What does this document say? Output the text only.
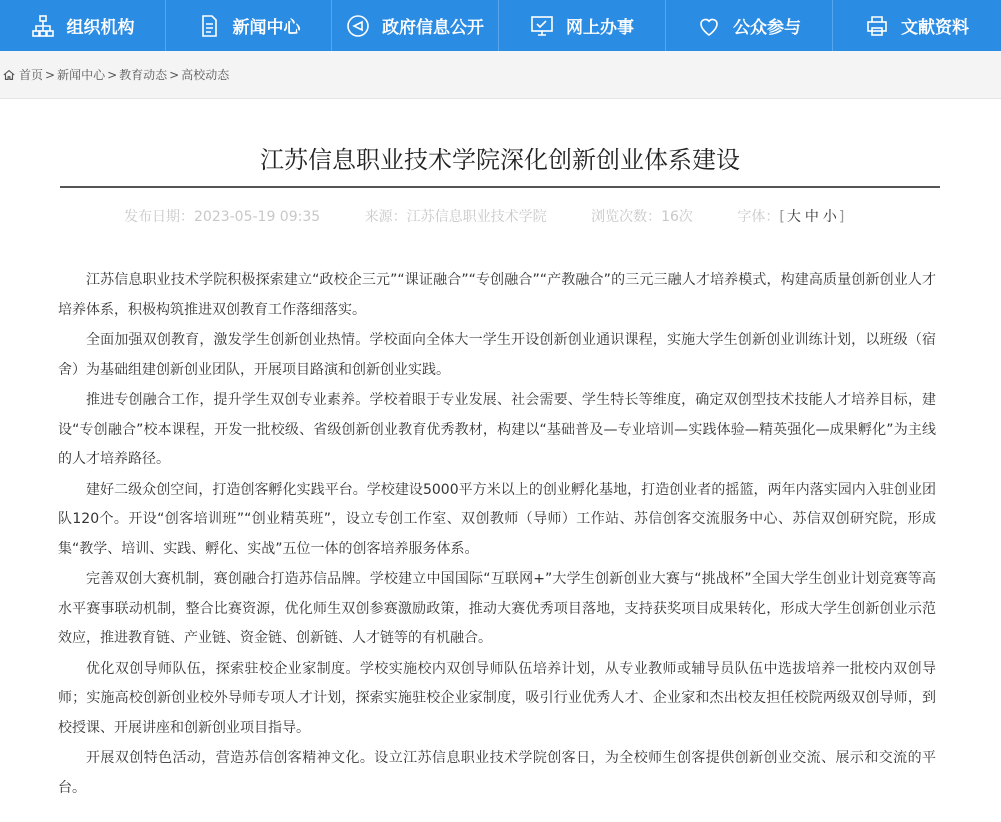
组织机构	新闻中心	政府信息公开	网上办事	公众参与	文献资料
首页 > 新闻中心 > 教育动态 > 高校动态
江苏信息职业技术学院深化创新创业体系建设
发布日期：2023-05-19 09:35	来源：江苏信息职业技术学院	浏览次数：16次	字体：[ 大 中 小 ]

江苏信息职业技术学院积极探索建立“政校企三元”“课证融合”“专创融合”“产教融合”的三元三融人才培养模式，构建高质量创新创业人才培养体系，积极构筑推进双创教育工作落细落实。

全面加强双创教育，激发学生创新创业热情。学校面向全体大一学生开设创新创业通识课程，实施大学生创新创业训练计划，以班级（宿舍）为基础组建创新创业团队，开展项目路演和创新创业实践。

推进专创融合工作，提升学生双创专业素养。学校着眼于专业发展、社会需要、学生特长等维度，确定双创型技术技能人才培养目标，建设“专创融合”校本课程，开发一批校级、省级创新创业教育优秀教材，构建以“基础普及—专业培训—实践体验—精英强化—成果孵化”为主线的人才培养路径。

建好二级众创空间，打造创客孵化实践平台。学校建设5000平方米以上的创业孵化基地，打造创业者的摇篮，两年内落实园内入驻创业团队120个。开设“创客培训班”“创业精英班”，设立专创工作室、双创教师（导师）工作站、苏信创客交流服务中心、苏信双创研究院，形成集“教学、培训、实践、孵化、实战”五位一体的创客培养服务体系。

完善双创大赛机制，赛创融合打造苏信品牌。学校建立中国国际“互联网+”大学生创新创业大赛与“挑战杯”全国大学生创业计划竞赛等高水平赛事联动机制，整合比赛资源，优化师生双创参赛激励政策，推动大赛优秀项目落地，支持获奖项目成果转化，形成大学生创新创业示范效应，推进教育链、产业链、资金链、创新链、人才链等的有机融合。

优化双创导师队伍，探索驻校企业家制度。学校实施校内双创导师队伍培养计划，从专业教师或辅导员队伍中选拔培养一批校内双创导师；实施高校创新创业校外导师专项人才计划，探索实施驻校企业家制度，吸引行业优秀人才、企业家和杰出校友担任校院两级双创导师，到校授课、开展讲座和创新创业项目指导。

开展双创特色活动，营造苏信创客精神文化。设立江苏信息职业技术学院创客日，为全校师生创客提供创新创业交流、展示和交流的平台。
